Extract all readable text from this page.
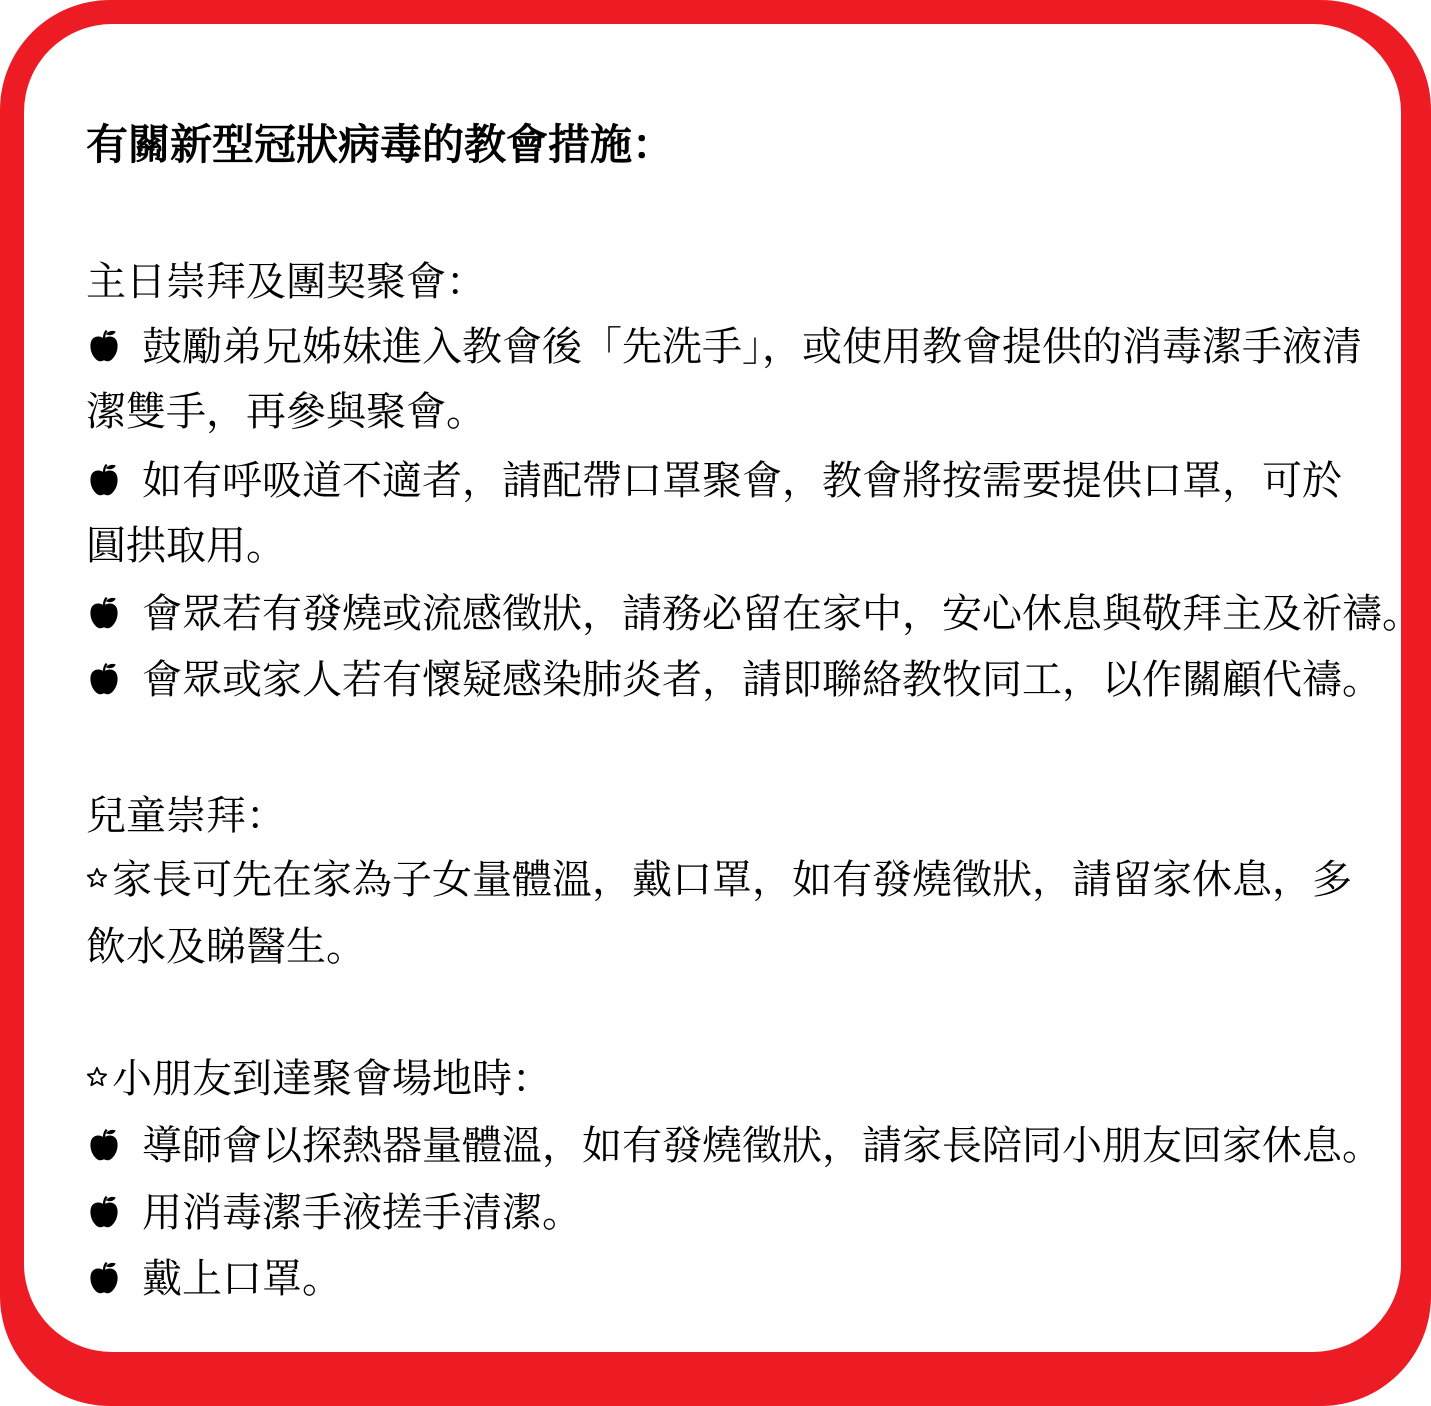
有關新型冠狀病毒的教會措施：
主日崇拜及團契聚會：
鼓勵弟兄姊妹進入教會後「先洗手」，或使用教會提供的消毒潔手液清
潔雙手，再參與聚會。
如有呼吸道不適者，請配帶口罩聚會，教會將按需要提供口罩，可於
圓拱取用。
會眾若有發燒或流感徵狀，請務必留在家中，安心休息與敬拜主及祈禱。
會眾或家人若有懷疑感染肺炎者，請即聯絡教牧同工，以作關顧代禱。
兒童崇拜：
家長可先在家為子女量體溫，戴口罩，如有發燒徵狀，請留家休息，多
飲水及睇醫生。
小朋友到達聚會場地時：
導師會以探熱器量體溫，如有發燒徵狀，請家長陪同小朋友回家休息。
用消毒潔手液搓手清潔。
戴上口罩。
